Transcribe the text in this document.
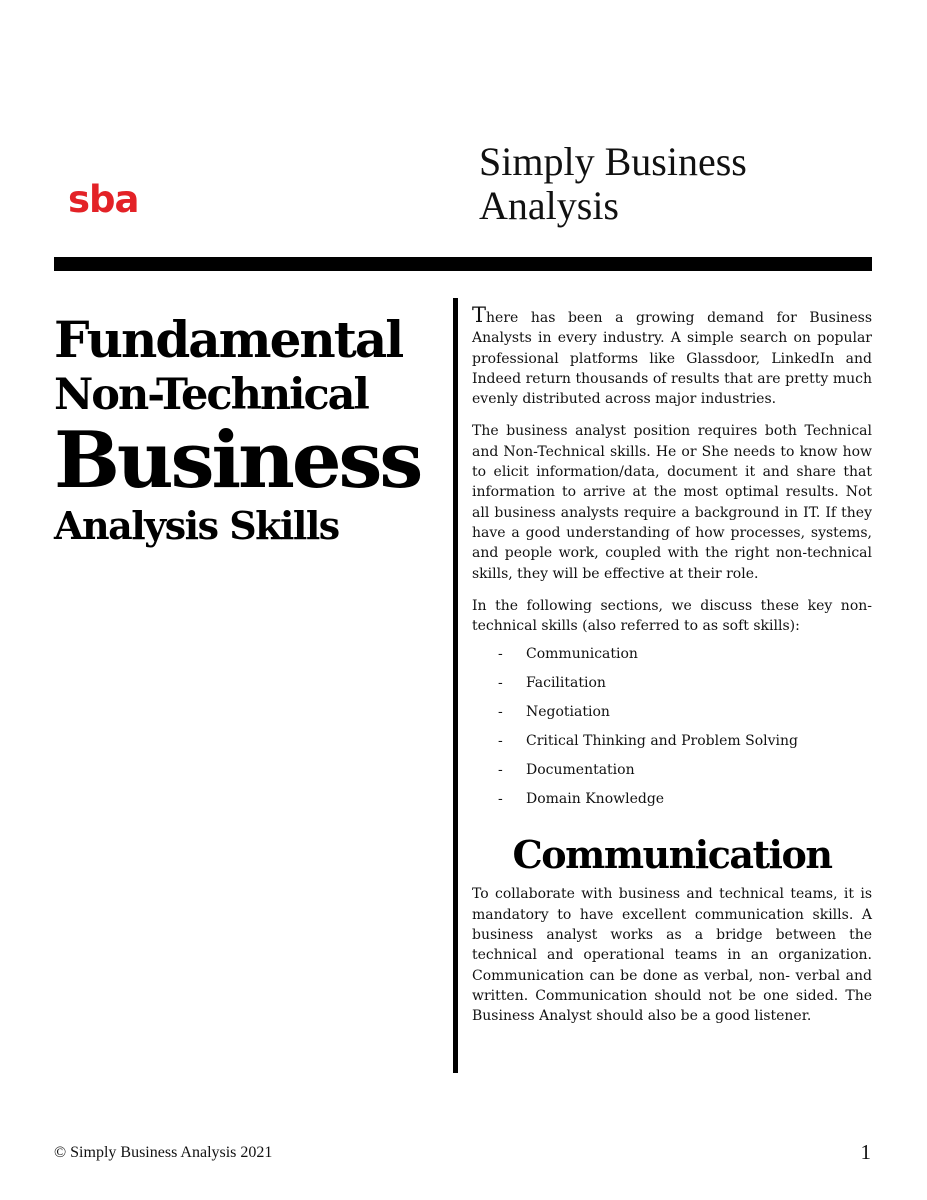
sba
Simply Business
Analysis
Fundamental
Non-Technical
Business
Analysis Skills

There has been a growing demand for Business Analysts in every industry. A simple search on popular professional platforms like Glassdoor, LinkedIn and Indeed return thousands of results that are pretty much evenly distributed across major industries.

The business analyst position requires both Technical and Non-Technical skills. He or She needs to know how to elicit information/data, document it and share that information to arrive at the most optimal results. Not all business analysts require a background in IT. If they have a good understanding of how processes, systems, and people work, coupled with the right non-technical skills, they will be effective at their role.

In the following sections, we discuss these key non-technical skills (also referred to as soft skills):

- Communication
- Facilitation
- Negotiation
- Critical Thinking and Problem Solving
- Documentation
- Domain Knowledge
Communication

To collaborate with business and technical teams, it is mandatory to have excellent communication skills. A business analyst works as a bridge between the technical and operational teams in an organization. Communication can be done as verbal, non- verbal and written. Communication should not be one sided. The Business Analyst should also be a good listener.

© Simply Business Analysis 2021	1
